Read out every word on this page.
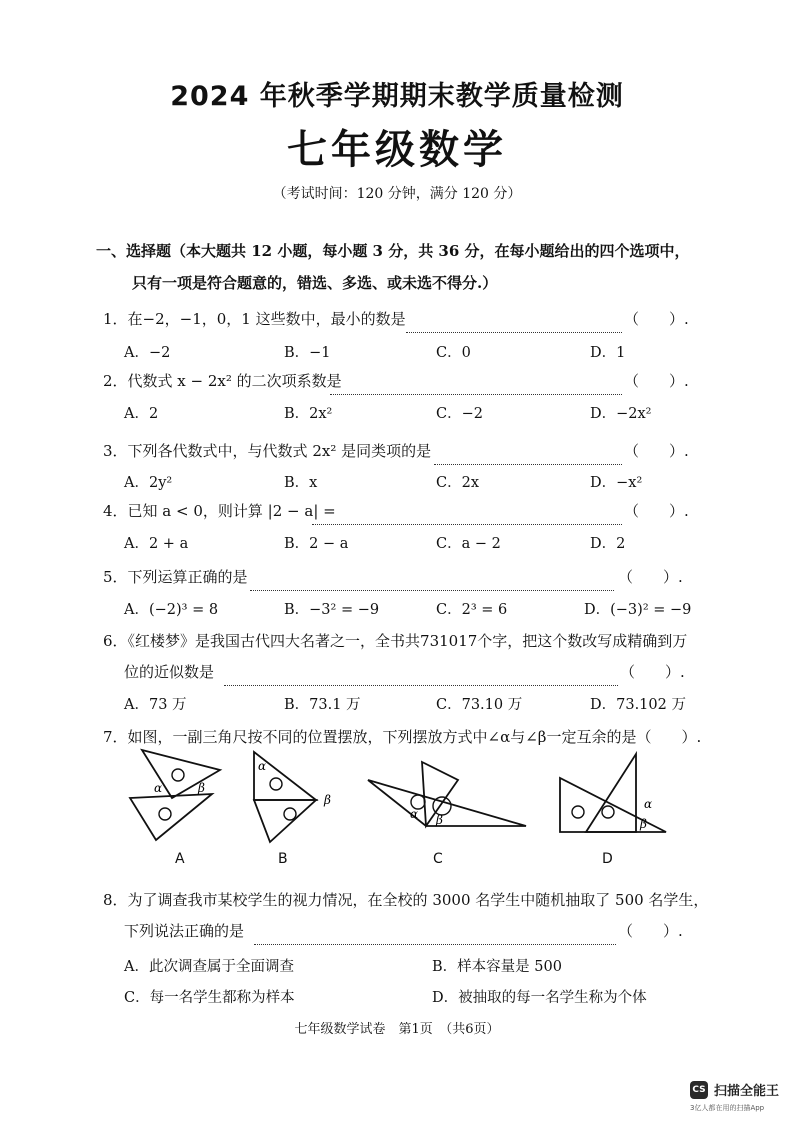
2024 年秋季学期期末教学质量检测
七年级数学
（考试时间：120 分钟，满分 120 分）
一、选择题（本大题共 12 小题，每小题 3 分，共 36 分，在每小题给出的四个选项中，
只有一项是符合题意的，错选、多选、或未选不得分.）
1．在−2，−1，0，1 这些数中，最小的数是	（　　）.
A．−2	B．−1	C．0	D．1
2．代数式 x − 2x² 的二次项系数是	（　　）.
A．2	B．2x²	C．−2	D．−2x²
3．下列各代数式中，与代数式 2x² 是同类项的是	（　　）.
A．2y²	B．x	C．2x	D．−x²
4．已知 a < 0，则计算 |2 − a| =	（　　）.
A．2 + a	B．2 − a	C．a − 2	D．2
5．下列运算正确的是	（　　）.
A．(−2)³ = 8	B．−3² = −9	C．2³ = 6	D．(−3)² = −9
6．《红楼梦》是我国古代四大名著之一，全书共731017个字，把这个数改写成精确到万
位的近似数是	（　　）.
A．73 万	B．73.1 万	C．73.10 万	D．73.102 万
7．如图，一副三角尺按不同的位置摆放，下列摆放方式中∠α与∠β一定互余的是（　　）.
α	β
A
α
β
B
α β
C
α
β
D
8．为了调查我市某校学生的视力情况，在全校的 3000 名学生中随机抽取了 500 名学生，
下列说法正确的是	（　　）.
A．此次调查属于全面调查	B．样本容量是 500
C．每一名学生都称为样本	D．被抽取的每一名学生称为个体
七年级数学试卷　第1页　（共6页）
CS 扫描全能王
3亿人都在用的扫描App
